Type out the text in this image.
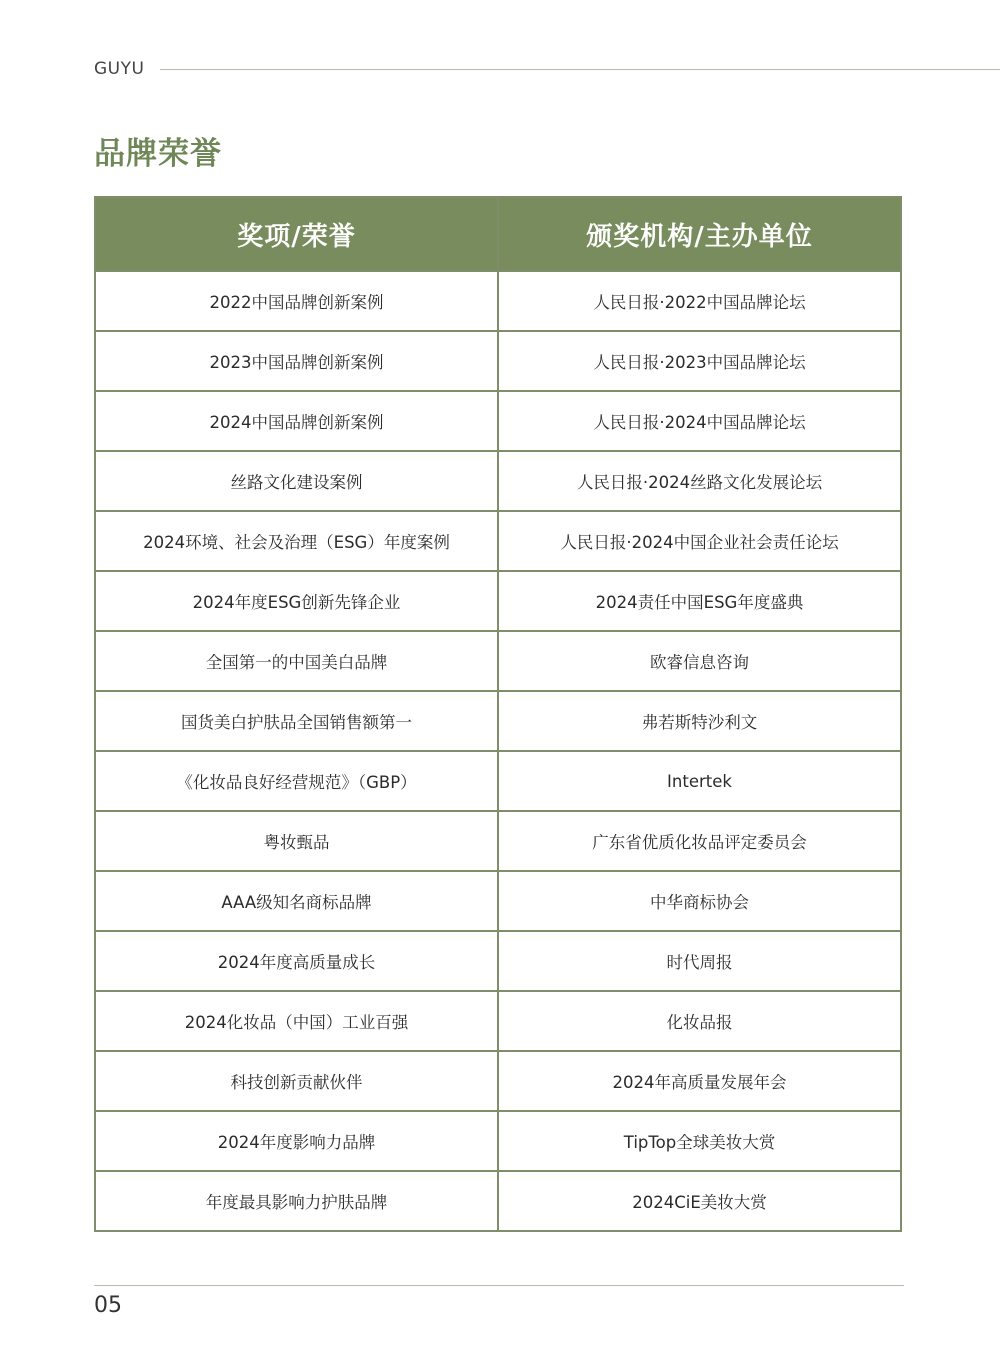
GUYU
品牌荣誉
奖项/荣誉	颁奖机构/主办单位
2022中国品牌创新案例	人民日报·2022中国品牌论坛
2023中国品牌创新案例	人民日报·2023中国品牌论坛
2024中国品牌创新案例	人民日报·2024中国品牌论坛
丝路文化建设案例	人民日报·2024丝路文化发展论坛
2024环境、社会及治理（ESG）年度案例	人民日报·2024中国企业社会责任论坛
2024年度ESG创新先锋企业	2024责任中国ESG年度盛典
全国第一的中国美白品牌	欧睿信息咨询
国货美白护肤品全国销售额第一	弗若斯特沙利文
《化妆品良好经营规范》（GBP）	Intertek
粤妆甄品	广东省优质化妆品评定委员会
AAA级知名商标品牌	中华商标协会
2024年度高质量成长	时代周报
2024化妆品（中国）工业百强	化妆品报
科技创新贡献伙伴	2024年高质量发展年会
2024年度影响力品牌	TipTop全球美妆大赏
年度最具影响力护肤品牌	2024CiE美妆大赏
05
